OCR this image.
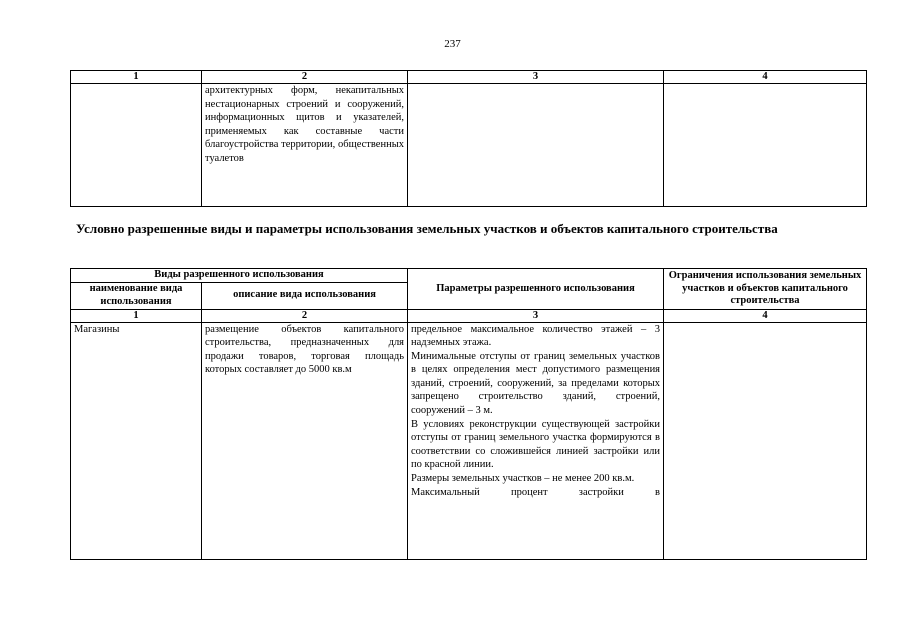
237
1	2	3	4
	архитектурных форм, некапитальных нестационарных строений и сооружений, информационных щитов и указателей, применяемых как составные части благоустройства территории, общественных туалетов		
Условно разрешенные виды и параметры использования земельных участков и объектов капитального строительства
Виды разрешенного использования		Параметры разрешенного использования	Ограничения использования земельных участков и объектов капитального строительства
наименование вида использования	описание вида использования		
1	2	3	4
Магазины	размещение объектов капитального строительства, предназначенных для продажи товаров, торговая площадь которых составляет до 5000 кв.м	предельное максимальное количество этажей – 3 надземных этажа.
Минимальные отступы от границ земельных участков в целях определения мест допустимого размещения зданий, строений, сооружений, за пределами которых запрещено строительство зданий, строений, сооружений – 3 м.
В условиях реконструкции существующей застройки отступы от границ земельного участка формируются в соответствии со сложившейся линией застройки или по красной линии.
Размеры земельных участков – не менее 200 кв.м.
Максимальный процент застройки в	
